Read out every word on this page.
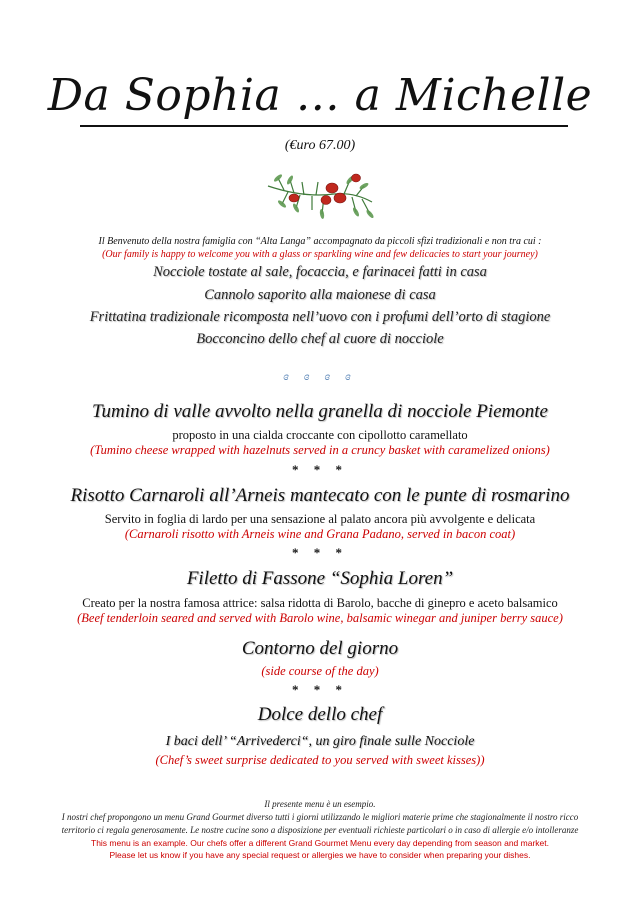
Da Sophia … a Michelle
(€uro 67.00)
Il Benvenuto della nostra famiglia con “Alta Langa” accompagnato da piccoli sfizi tradizionali e non tra cui :
(Our family is happy to welcome you with a glass or sparkling wine and few delicacies to start your journey)
Nocciole tostate al sale, focaccia, e farinacei fatti in casa
Cannolo saporito alla maionese di casa
Frittatina tradizionale ricomposta nell’uovo con i profumi dell’orto di stagione
Bocconcino dello chef al cuore di nocciole
ɞ ɞ ɞ ɞ
Tumino di valle avvolto nella granella di nocciole Piemonte
proposto in una cialda croccante con cipollotto caramellato
(Tumino cheese wrapped with hazelnuts served in a cruncy basket with caramelized onions)
* * *
Risotto Carnaroli all’Arneis mantecato con le punte di rosmarino
Servito in foglia di lardo per una sensazione al palato ancora più avvolgente e delicata
(Carnaroli risotto with Arneis wine and Grana Padano, served in bacon coat)
* * *
Filetto di Fassone “Sophia Loren”
Creato per la nostra famosa attrice: salsa ridotta di Barolo, bacche di ginepro e aceto balsamico
(Beef tenderloin seared and served with Barolo wine, balsamic winegar and juniper berry sauce)
Contorno del giorno
(side course of the day)
* * *
Dolce dello chef
I baci dell’ “Arrivederci“, un giro finale sulle Nocciole
(Chef’s sweet surprise dedicated to you served with sweet kisses))
Il presente menu è un esempio.
I nostri chef propongono un menu Grand Gourmet diverso tutti i giorni utilizzando le migliori materie prime che stagionalmente il nostro ricco
territorio ci regala generosamente. Le nostre cucine sono a disposizione per eventuali richieste particolari o in caso di allergie e/o intolleranze
This menu is an example. Our chefs offer a different Grand Gourmet Menu every day depending from season and market.
Please let us know if you have any special request or allergies we have to consider when preparing your dishes.
